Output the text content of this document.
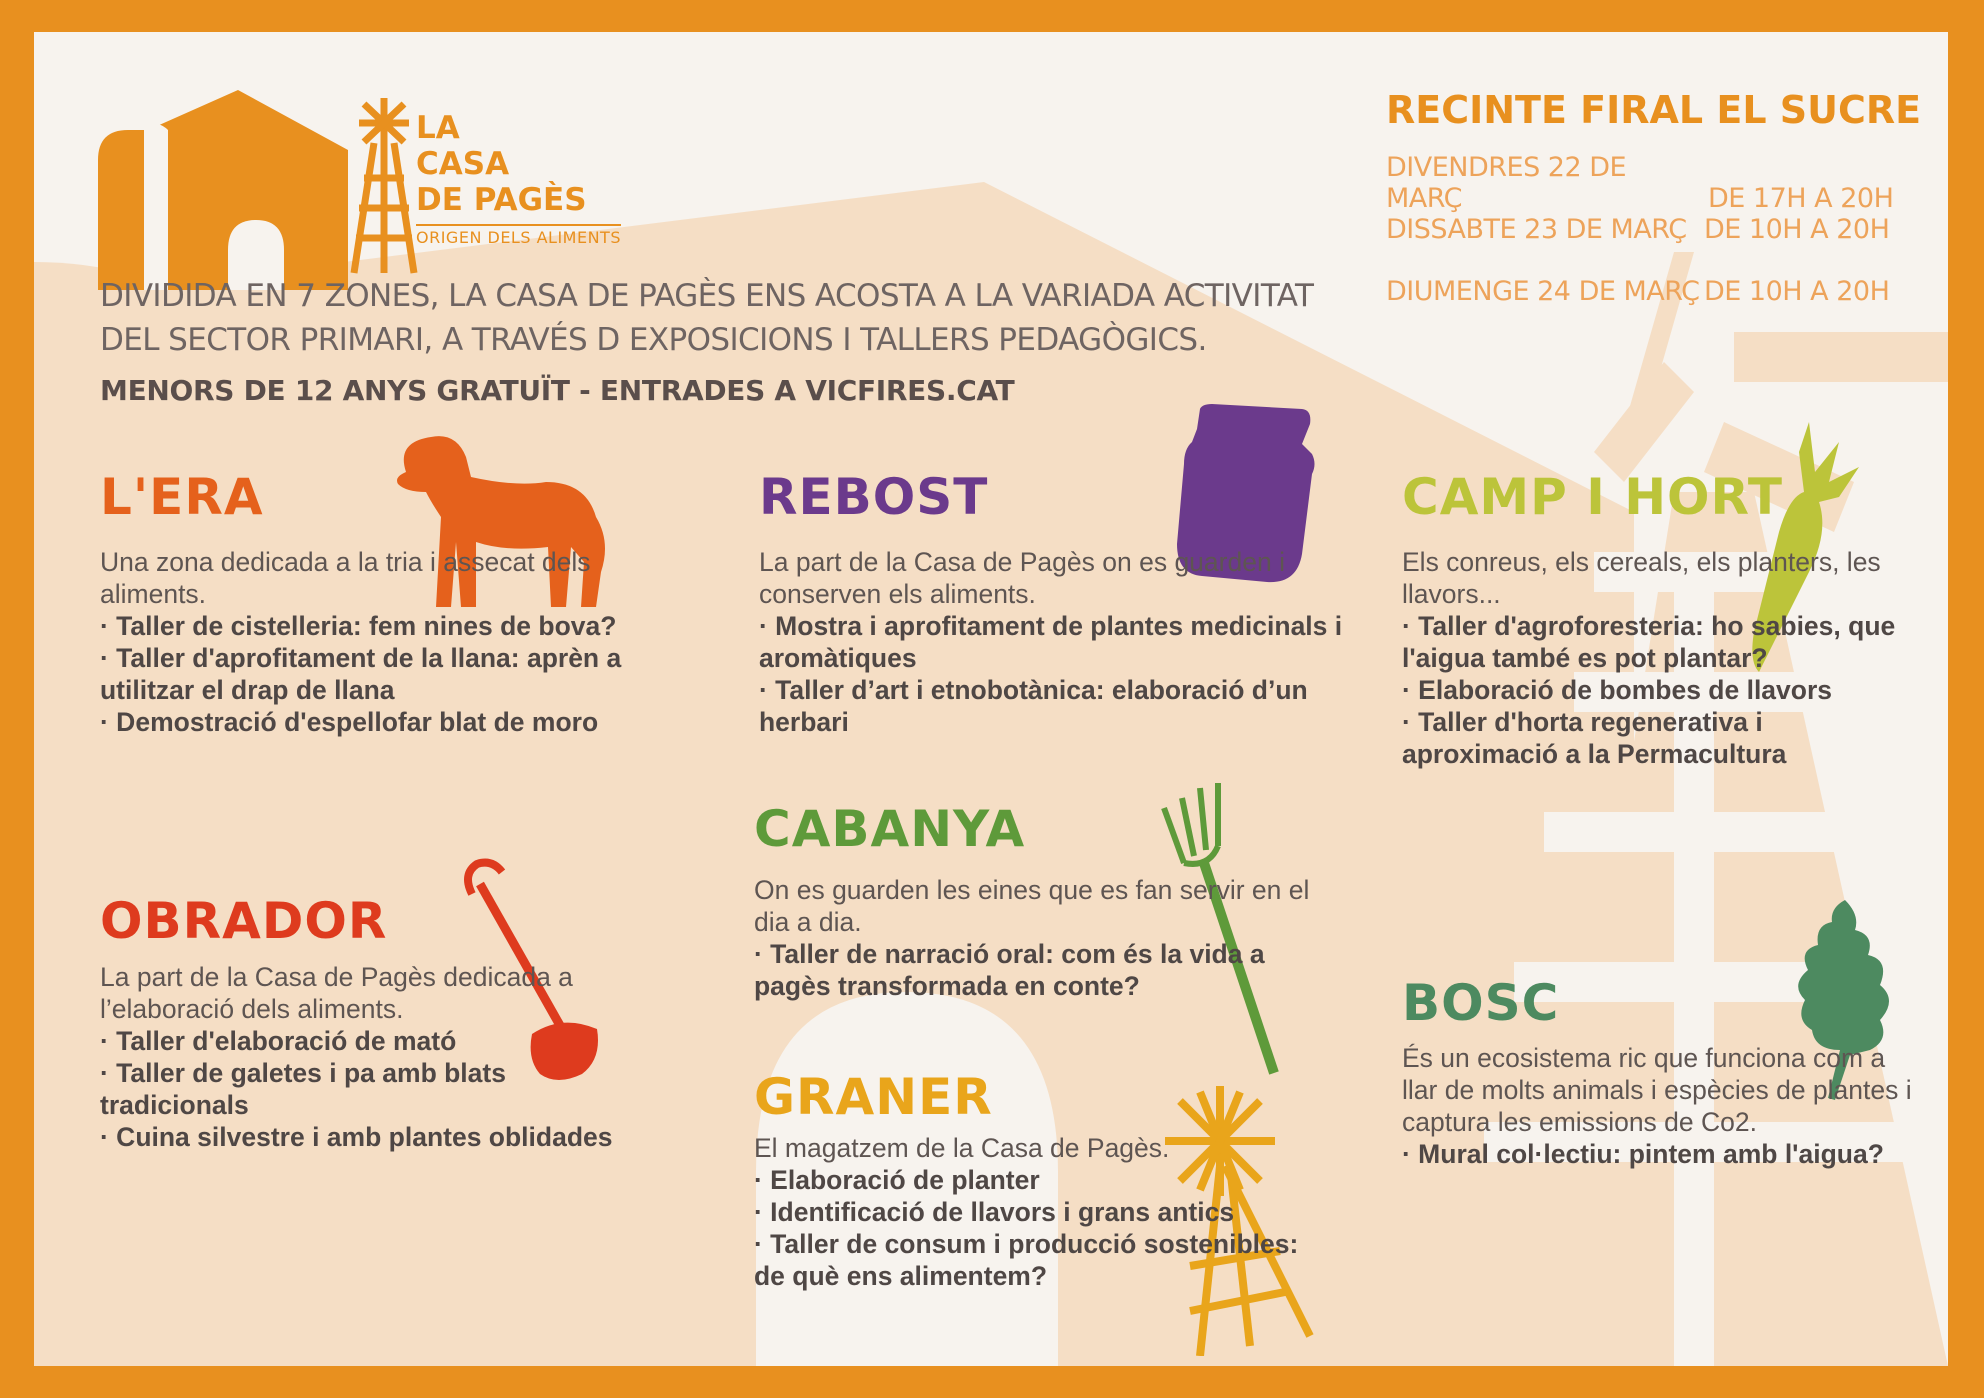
LA
CASA
DE PAGÈS
ORIGEN DELS ALIMENTS
RECINTE FIRAL EL SUCRE
DIVENDRES 22 DE MARÇ	DE 17H A 20H
DISSABTE 23 DE MARÇ DE 10H A 20H
DIUMENGE 24 DE MARÇ DE 10H A 20H
DIVIDIDA EN 7 ZONES, LA CASA DE PAGÈS ENS ACOSTA A LA VARIADA ACTIVITAT
DEL SECTOR PRIMARI, A TRAVÉS D EXPOSICIONS I TALLERS PEDAGÒGICS.
MENORS DE 12 ANYS GRATUÏT - ENTRADES A VICFIRES.CAT
L'ERA

Una zona dedicada a la tria i assecat dels aliments.

· Taller de cistelleria: fem nines de bova?

· Taller d'aprofitament de la llana: aprèn a utilitzar el drap de llana

· Demostració d'espellofar blat de moro

REBOST

La part de la Casa de Pagès on es guarden i conserven els aliments.

· Mostra i aprofitament de plantes medicinals i aromàtiques

· Taller d’art i etnobotànica: elaboració d’un herbari

CAMP I HORT

Els conreus, els cereals, els planters, les llavors...

· Taller d'agroforesteria: ho sabies, que l'aigua també es pot plantar?

· Elaboració de bombes de llavors

· Taller d'horta regenerativa i aproximació a la Permacultura

OBRADOR

La part de la Casa de Pagès dedicada a l’elaboració dels aliments.

· Taller d'elaboració de mató

· Taller de galetes i pa amb blats tradicionals

· Cuina silvestre i amb plantes oblidades

CABANYA

On es guarden les eines que es fan servir en el dia a dia.

· Taller de narració oral: com és la vida a pagès transformada en conte?

GRANER

El magatzem de la Casa de Pagès.

· Elaboració de planter

· Identificació de llavors i grans antics

· Taller de consum i producció sostenibles: de què ens alimentem?

BOSC

És un ecosistema ric que funciona com a llar de molts animals i espècies de plantes i captura les emissions de Co2.

· Mural col·lectiu: pintem amb l'aigua?
